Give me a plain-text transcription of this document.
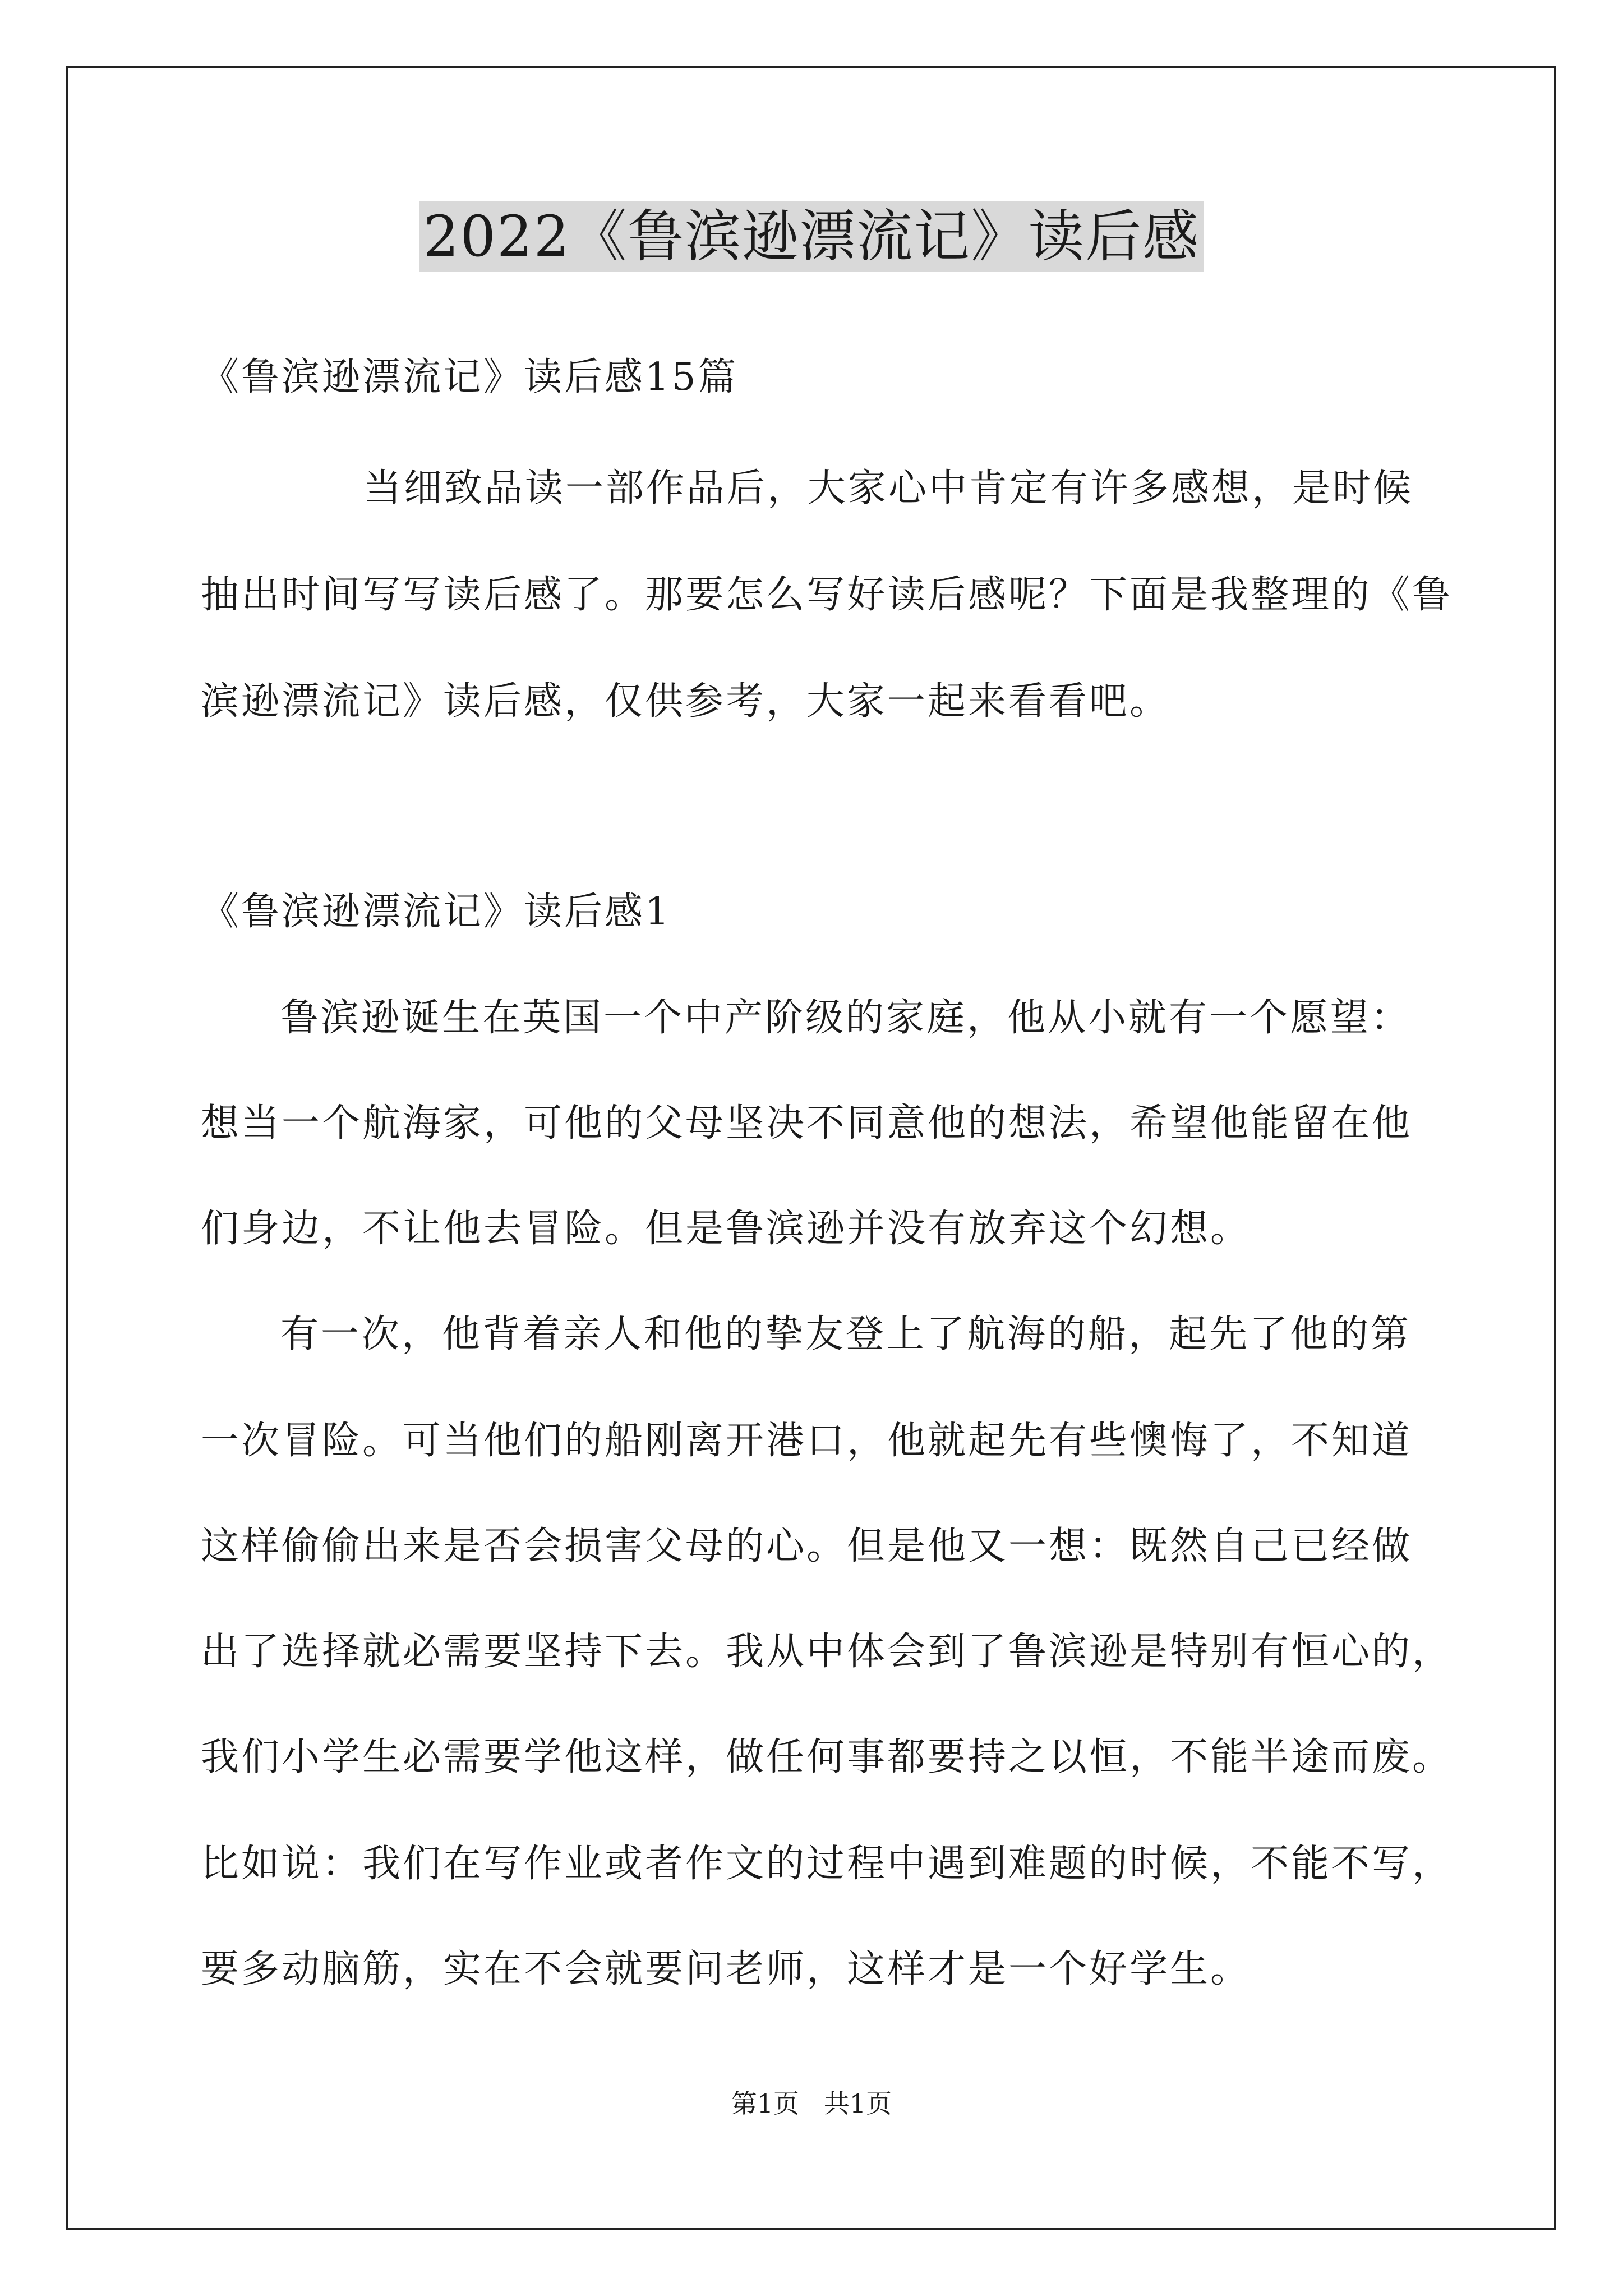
2022《鲁滨逊漂流记》读后感
《鲁滨逊漂流记》读后感15篇
当细致品读一部作品后，大家心中肯定有许多感想，是时候
抽出时间写写读后感了。那要怎么写好读后感呢？下面是我整理的《鲁
滨逊漂流记》读后感，仅供参考，大家一起来看看吧。
《鲁滨逊漂流记》读后感1
鲁滨逊诞生在英国一个中产阶级的家庭，他从小就有一个愿望：
想当一个航海家，可他的父母坚决不同意他的想法，希望他能留在他
们身边，不让他去冒险。但是鲁滨逊并没有放弃这个幻想。
有一次，他背着亲人和他的挚友登上了航海的船，起先了他的第
一次冒险。可当他们的船刚离开港口，他就起先有些懊悔了，不知道
这样偷偷出来是否会损害父母的心。但是他又一想：既然自己已经做
出了选择就必需要坚持下去。我从中体会到了鲁滨逊是特别有恒心的，
我们小学生必需要学他这样，做任何事都要持之以恒，不能半途而废。
比如说：我们在写作业或者作文的过程中遇到难题的时候，不能不写，
要多动脑筋，实在不会就要问老师，这样才是一个好学生。
第1页   共1页
